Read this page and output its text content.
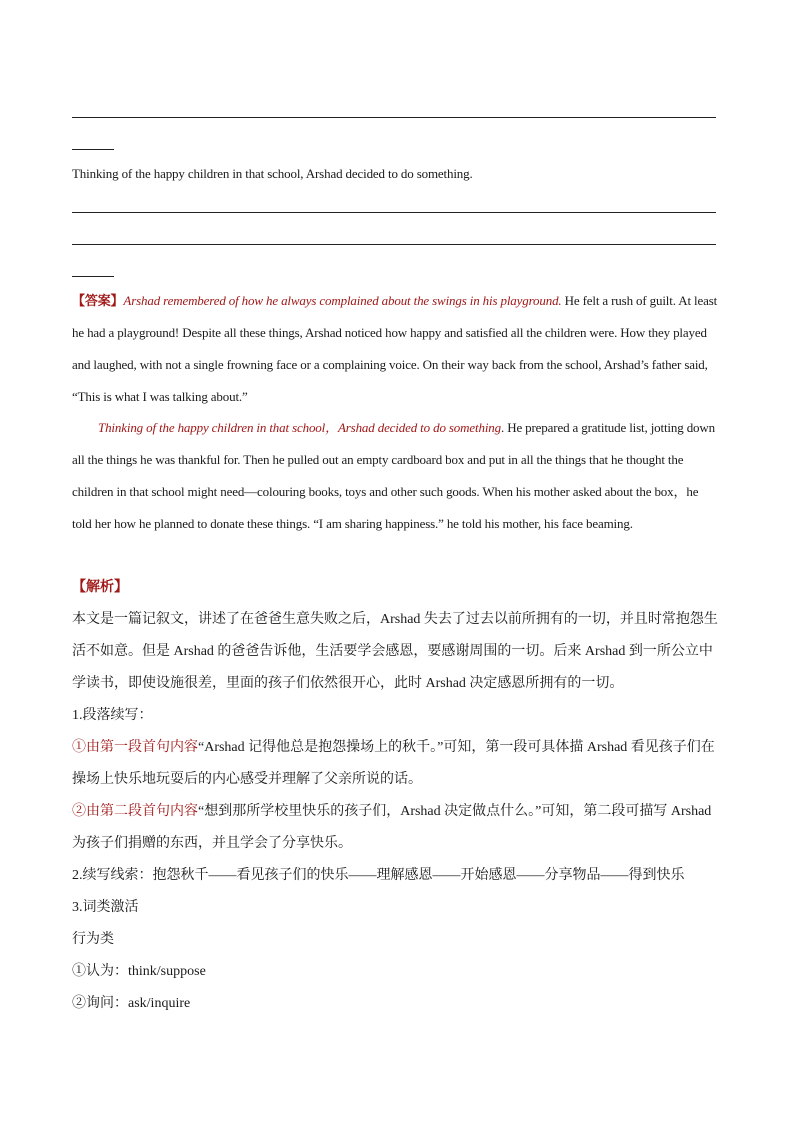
Thinking of the happy children in that school, Arshad decided to do something.
【答案】Arshad remembered of how he always complained about the swings in his playground. He felt a rush of guilt. At least he had a playground! Despite all these things, Arshad noticed how happy and satisfied all the children were. How they played and laughed, with not a single frowning face or a complaining voice. On their way back from the school, Arshad’s father said, “This is what I was talking about.”
Thinking of the happy children in that school，Arshad decided to do something. He prepared a gratitude list, jotting down all the things he was thankful for. Then he pulled out an empty cardboard box and put in all the things that he thought the children in that school might need—colouring books, toys and other such goods. When his mother asked about the box，he told her how he planned to donate these things. “I am sharing happiness.” he told his mother, his face beaming.
【解析】
本文是一篇记叙文，讲述了在爸爸生意失败之后，Arshad 失去了过去以前所拥有的一切，并且时常抱怨生活不如意。但是 Arshad 的爸爸告诉他，生活要学会感恩，要感谢周围的一切。后来 Arshad 到一所公立中学读书，即使设施很差，里面的孩子们依然很开心，此时 Arshad 决定感恩所拥有的一切。
1.段落续写：
①由第一段首句内容“Arshad 记得他总是抱怨操场上的秋千。”可知，第一段可具体描 Arshad 看见孩子们在操场上快乐地玩耍后的内心感受并理解了父亲所说的话。
②由第二段首句内容“想到那所学校里快乐的孩子们，Arshad 决定做点什么。”可知，第二段可描写 Arshad 为孩子们捐赠的东西，并且学会了分享快乐。
2.续写线索：抱怨秋千——看见孩子们的快乐——理解感恩——开始感恩——分享物品——得到快乐
3.词类激活
行为类
①认为：think/suppose
②询问：ask/inquire
